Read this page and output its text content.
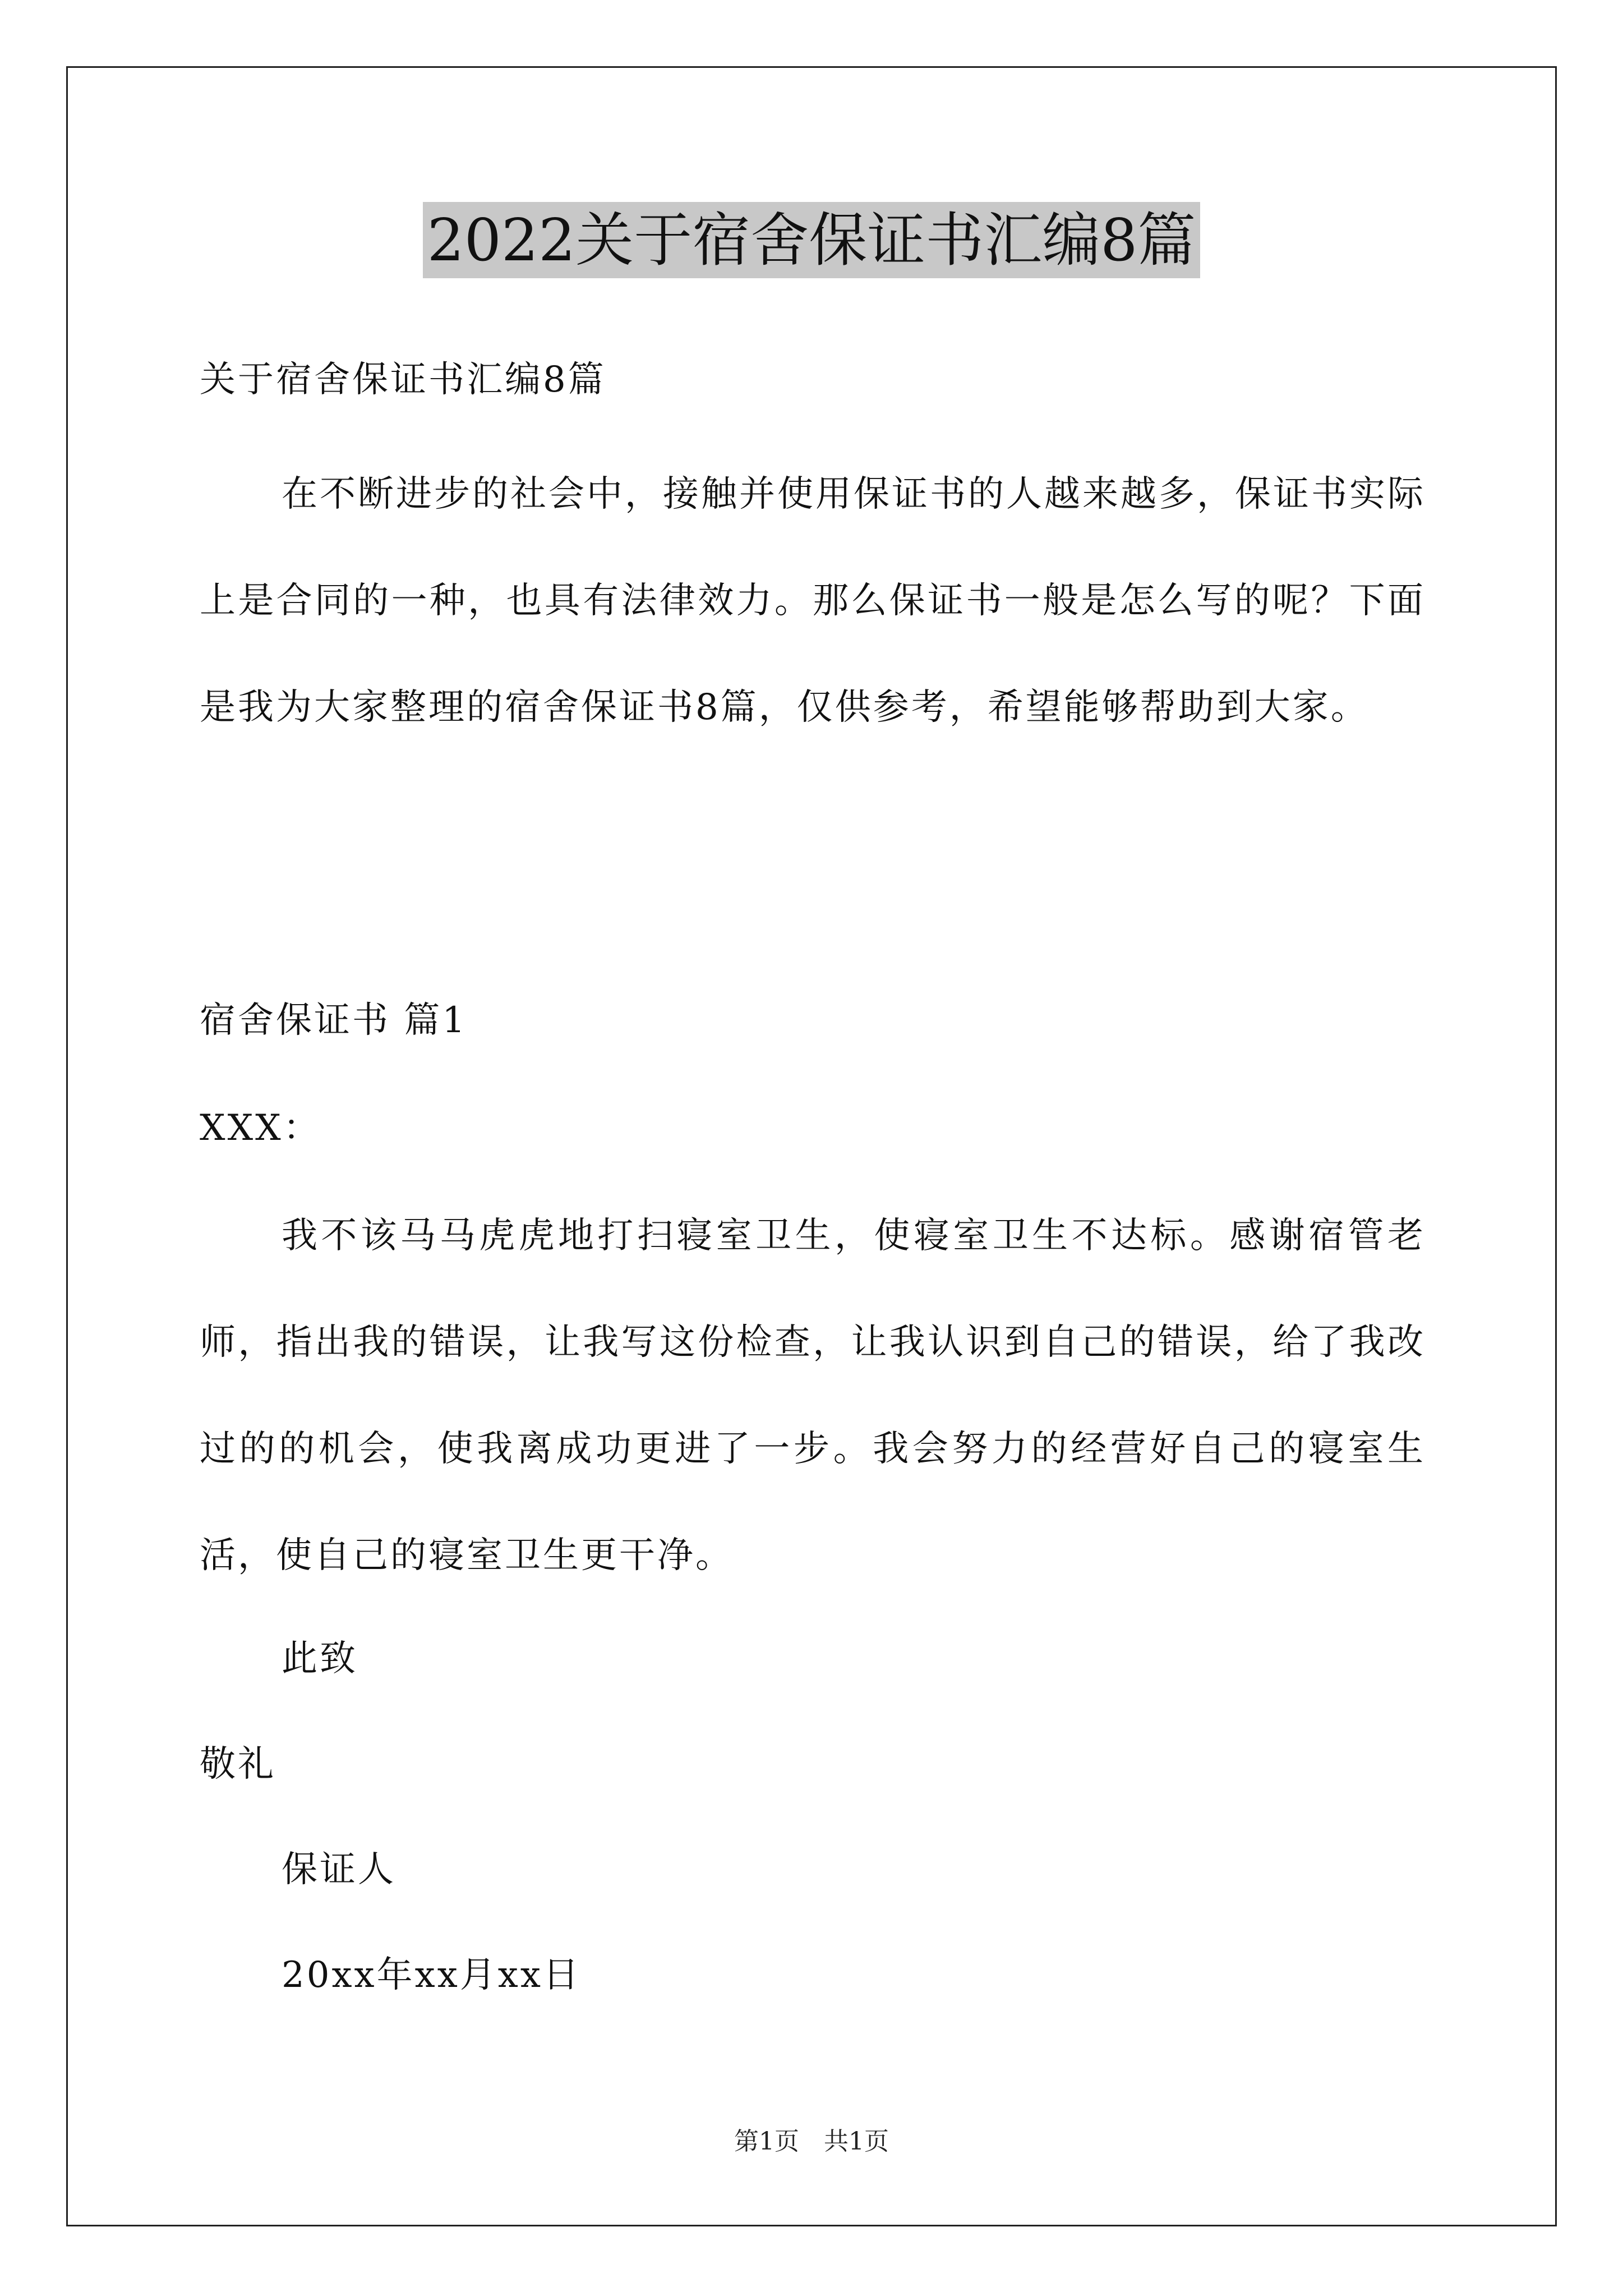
2022关于宿舍保证书汇编8篇
关于宿舍保证书汇编8篇
在不断进步的社会中，接触并使用保证书的人越来越多，保证书实际上是合同的一种，也具有法律效力。那么保证书一般是怎么写的呢？下面是我为大家整理的宿舍保证书8篇，仅供参考，希望能够帮助到大家。
宿舍保证书 篇1
XXX：
我不该马马虎虎地打扫寝室卫生，使寝室卫生不达标。感谢宿管老师，指出我的错误，让我写这份检查，让我认识到自己的错误，给了我改过的的机会，使我离成功更进了一步。我会努力的经营好自己的寝室生活，使自己的寝室卫生更干净。
此致
敬礼
保证人
20xx年xx月xx日
第1页 共1页
